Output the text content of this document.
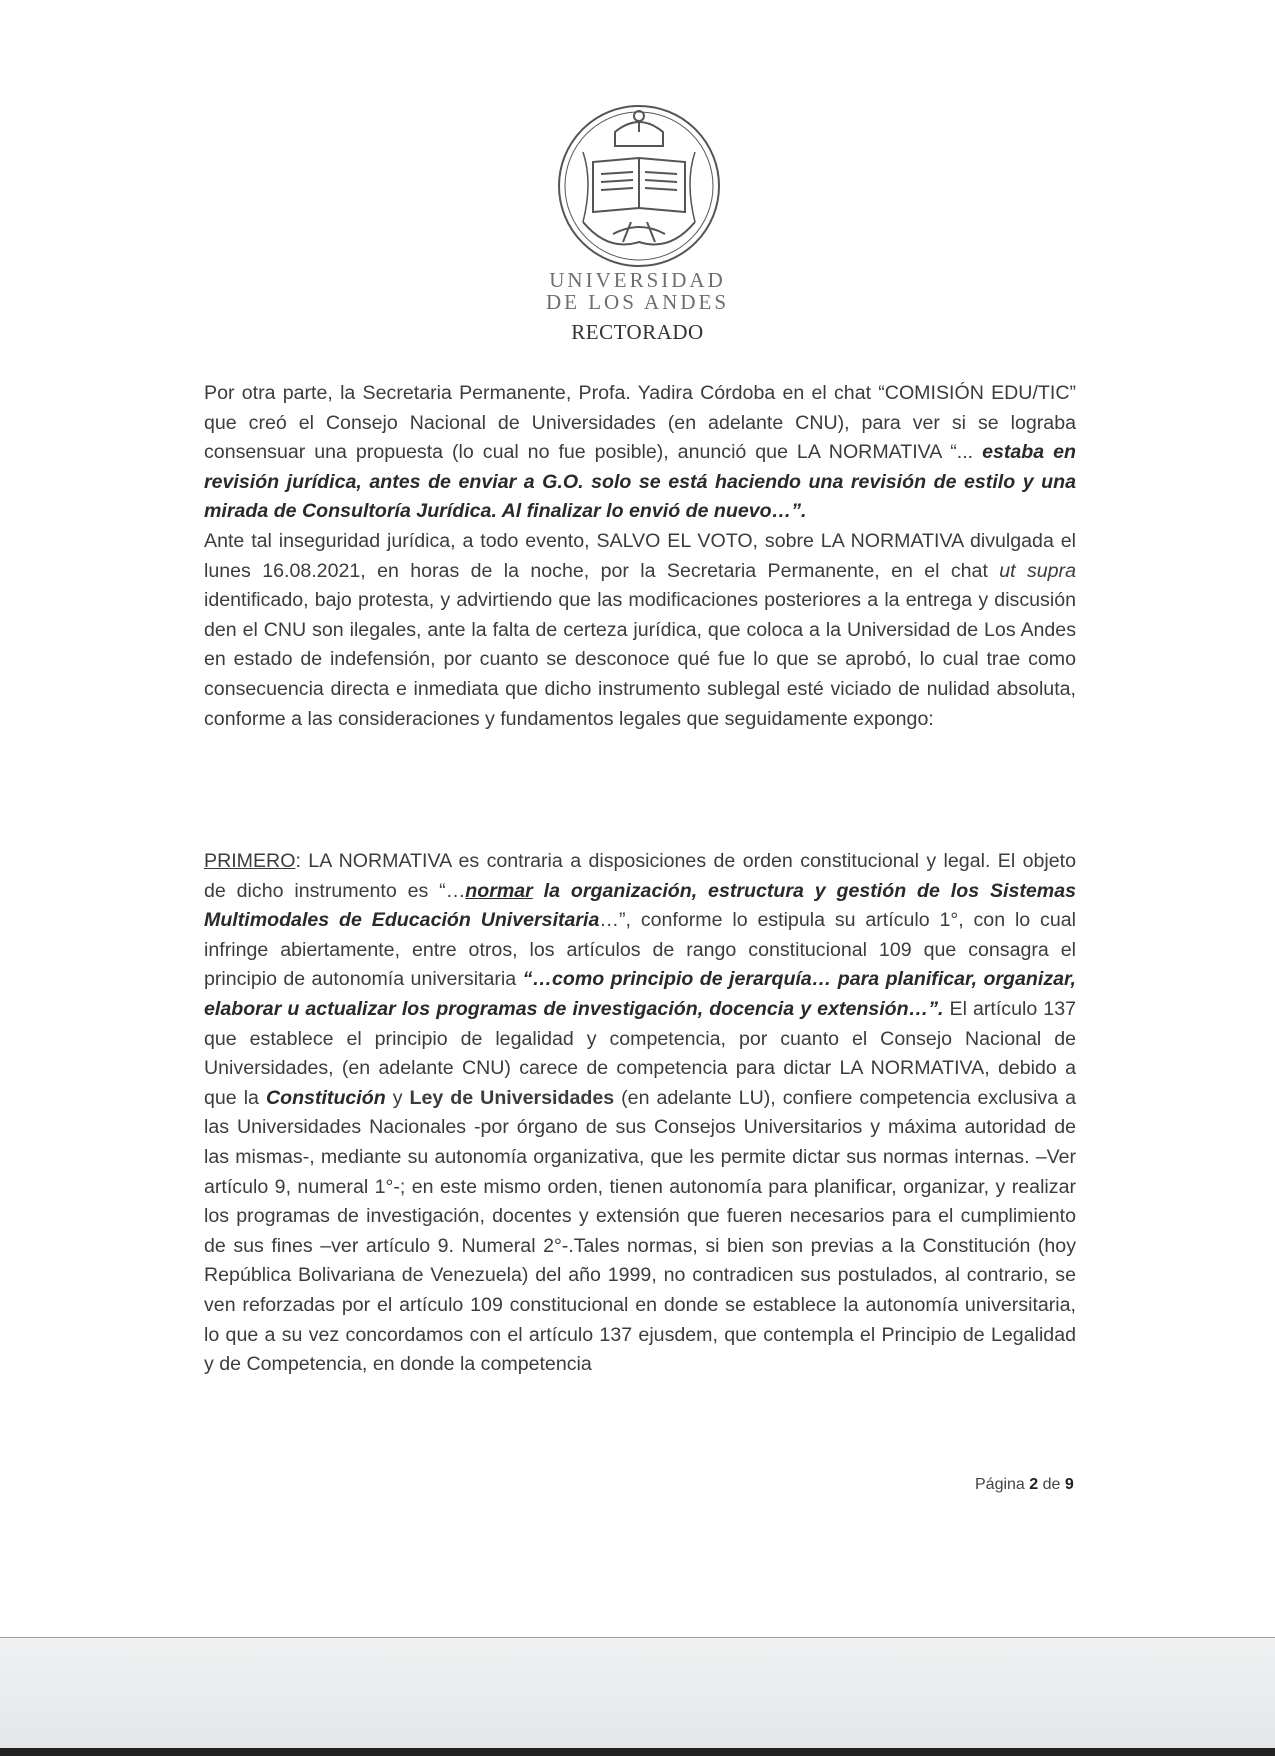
UNIVERSIDAD
DE LOS ANDES
RECTORADO

Por otra parte, la Secretaria Permanente, Profa. Yadira Córdoba en el chat “COMISIÓN EDU/TIC” que creó el Consejo Nacional de Universidades (en adelante CNU), para ver si se lograba consensuar una propuesta (lo cual no fue posible), anunció que LA NORMATIVA “... estaba en revisión jurídica, antes de enviar a G.O. solo se está haciendo una revisión de estilo y una mirada de Consultoría Jurídica. Al finalizar lo envió de nuevo…”.

Ante tal inseguridad jurídica, a todo evento, SALVO EL VOTO, sobre LA NORMATIVA divulgada el lunes 16.08.2021, en horas de la noche, por la Secretaria Permanente, en el chat ut supra identificado, bajo protesta, y advirtiendo que las modificaciones posteriores a la entrega y discusión den el CNU son ilegales, ante la falta de certeza jurídica, que coloca a la Universidad de Los Andes en estado de indefensión, por cuanto se desconoce qué fue lo que se aprobó, lo cual trae como consecuencia directa e inmediata que dicho instrumento sublegal esté viciado de nulidad absoluta, conforme a las consideraciones y fundamentos legales que seguidamente expongo:

PRIMERO: LA NORMATIVA es contraria a disposiciones de orden constitucional y legal. El objeto de dicho instrumento es “…normar la organización, estructura y gestión de los Sistemas Multimodales de Educación Universitaria…”, conforme lo estipula su artículo 1°, con lo cual infringe abiertamente, entre otros, los artículos de rango constitucional 109 que consagra el principio de autonomía universitaria “…como principio de jerarquía… para planificar, organizar, elaborar u actualizar los programas de investigación, docencia y extensión…”. El artículo 137 que establece el principio de legalidad y competencia, por cuanto el Consejo Nacional de Universidades, (en adelante CNU) carece de competencia para dictar LA NORMATIVA, debido a que la Constitución y Ley de Universidades (en adelante LU), confiere competencia exclusiva a las Universidades Nacionales -por órgano de sus Consejos Universitarios y máxima autoridad de las mismas-, mediante su autonomía organizativa, que les permite dictar sus normas internas. –Ver artículo 9, numeral 1°-; en este mismo orden, tienen autonomía para planificar, organizar, y realizar los programas de investigación, docentes y extensión que fueren necesarios para el cumplimiento de sus fines –ver artículo 9. Numeral 2°-.Tales normas, si bien son previas a la Constitución (hoy República Bolivariana de Venezuela) del año 1999, no contradicen sus postulados, al contrario, se ven reforzadas por el artículo 109 constitucional en donde se establece la autonomía universitaria, lo que a su vez concordamos con el artículo 137 ejusdem, que contempla el Principio de Legalidad y de Competencia, en donde la competencia

Página 2 de 9
